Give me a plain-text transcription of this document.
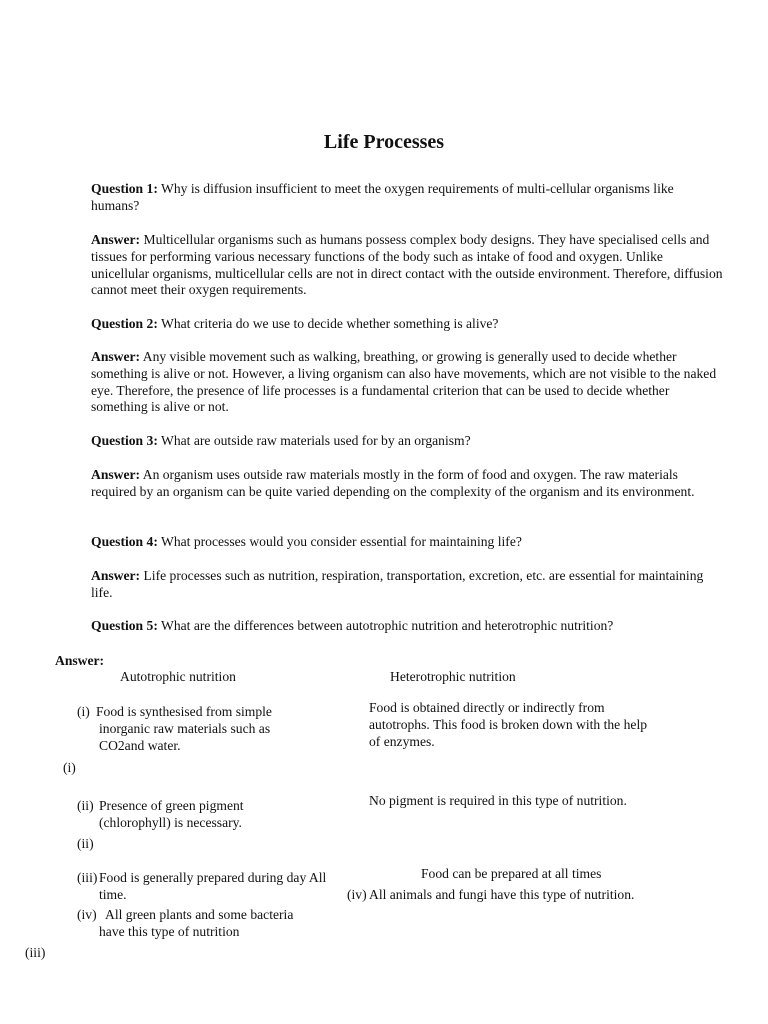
Life Processes

Question 1: Why is diffusion insufficient to meet the oxygen requirements of multi-cellular organisms like humans?

Answer: Multicellular organisms such as humans possess complex body designs. They have specialised cells and tissues for performing various necessary functions of the body such as intake of food and oxygen. Unlike unicellular organisms, multicellular cells are not in direct contact with the outside environment. Therefore, diffusion cannot meet their oxygen requirements.

Question 2: What criteria do we use to decide whether something is alive?

Answer: Any visible movement such as walking, breathing, or growing is generally used to decide whether something is alive or not. However, a living organism can also have movements, which are not visible to the naked eye. Therefore, the presence of life processes is a fundamental criterion that can be used to decide whether something is alive or not.

Question 3: What are outside raw materials used for by an organism?

Answer: An organism uses outside raw materials mostly in the form of food and oxygen. The raw materials required by an organism can be quite varied depending on the complexity of the organism and its environment.

Question 4: What processes would you consider essential for maintaining life?

Answer: Life processes such as nutrition, respiration, transportation, excretion, etc. are essential for maintaining life.

Question 5: What are the differences between autotrophic nutrition and heterotrophic nutrition?

Answer:
Autotrophic nutrition	Heterotrophic nutrition
(i) Food is synthesised from simple
inorganic raw materials such as
CO2and water.
Food is obtained directly or indirectly from
autotrophs. This food is broken down with the help
of enzymes.
(i)
(ii) Presence of green pigment
(chlorophyll) is necessary.
No pigment is required in this type of nutrition.
(ii)
Food can be prepared at all times
(iii) Food is generally prepared during day All
time.	(iv) All animals and fungi have this type of nutrition.
(iv) All green plants and some bacteria
have this type of nutrition
(iii)
